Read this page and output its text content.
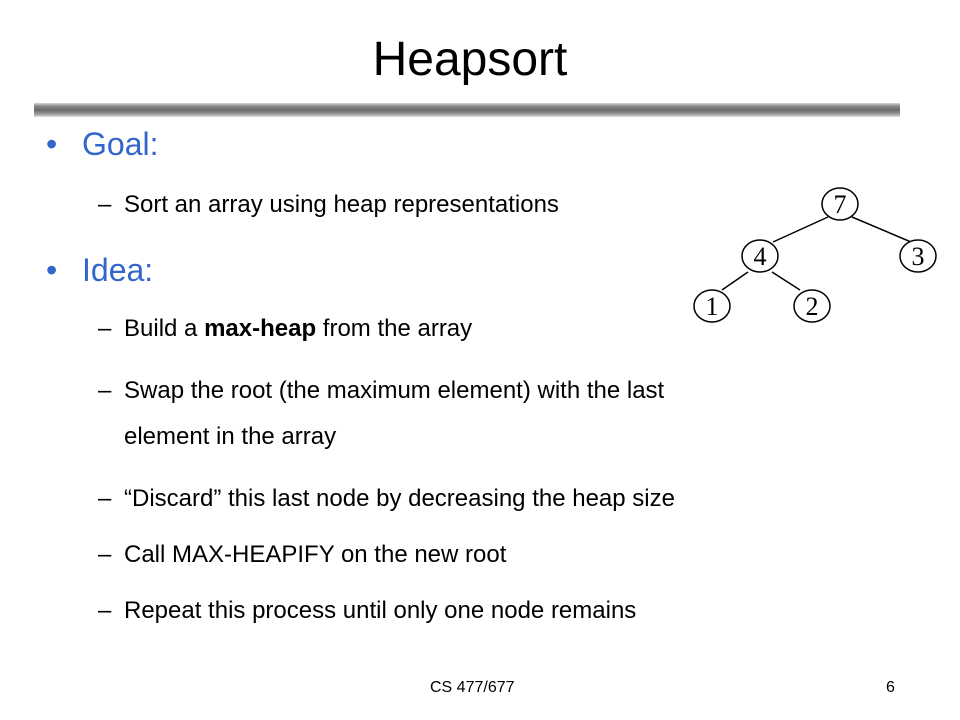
Heapsort
• Goal:
– Sort an array using heap representations
• Idea:
– Build a max-heap from the array
– Swap the root (the maximum element) with the last
element in the array
– “Discard” this last node by decreasing the heap size
– Call MAX-HEAPIFY on the new root
– Repeat this process until only one node remains
7
4	3
1	2
CS 477/677	6
